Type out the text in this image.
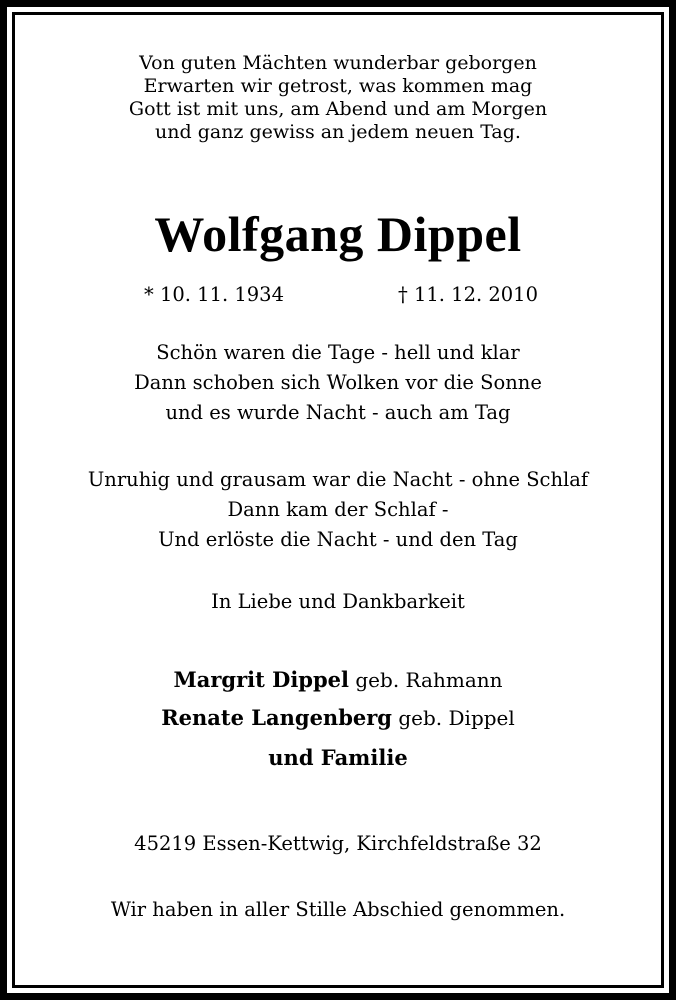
Von guten Mächten wunderbar geborgen
Erwarten wir getrost, was kommen mag
Gott ist mit uns, am Abend und am Morgen
und ganz gewiss an jedem neuen Tag.
Wolfgang Dippel
* 10. 11. 1934	† 11. 12. 2010
Schön waren die Tage - hell und klar
Dann schoben sich Wolken vor die Sonne
und es wurde Nacht - auch am Tag
Unruhig und grausam war die Nacht - ohne Schlaf
Dann kam der Schlaf -
Und erlöste die Nacht - und den Tag
In Liebe und Dankbarkeit
Margrit Dippel geb. Rahmann
Renate Langenberg geb. Dippel
und Familie
45219 Essen-Kettwig, Kirchfeldstraße 32
Wir haben in aller Stille Abschied genommen.
